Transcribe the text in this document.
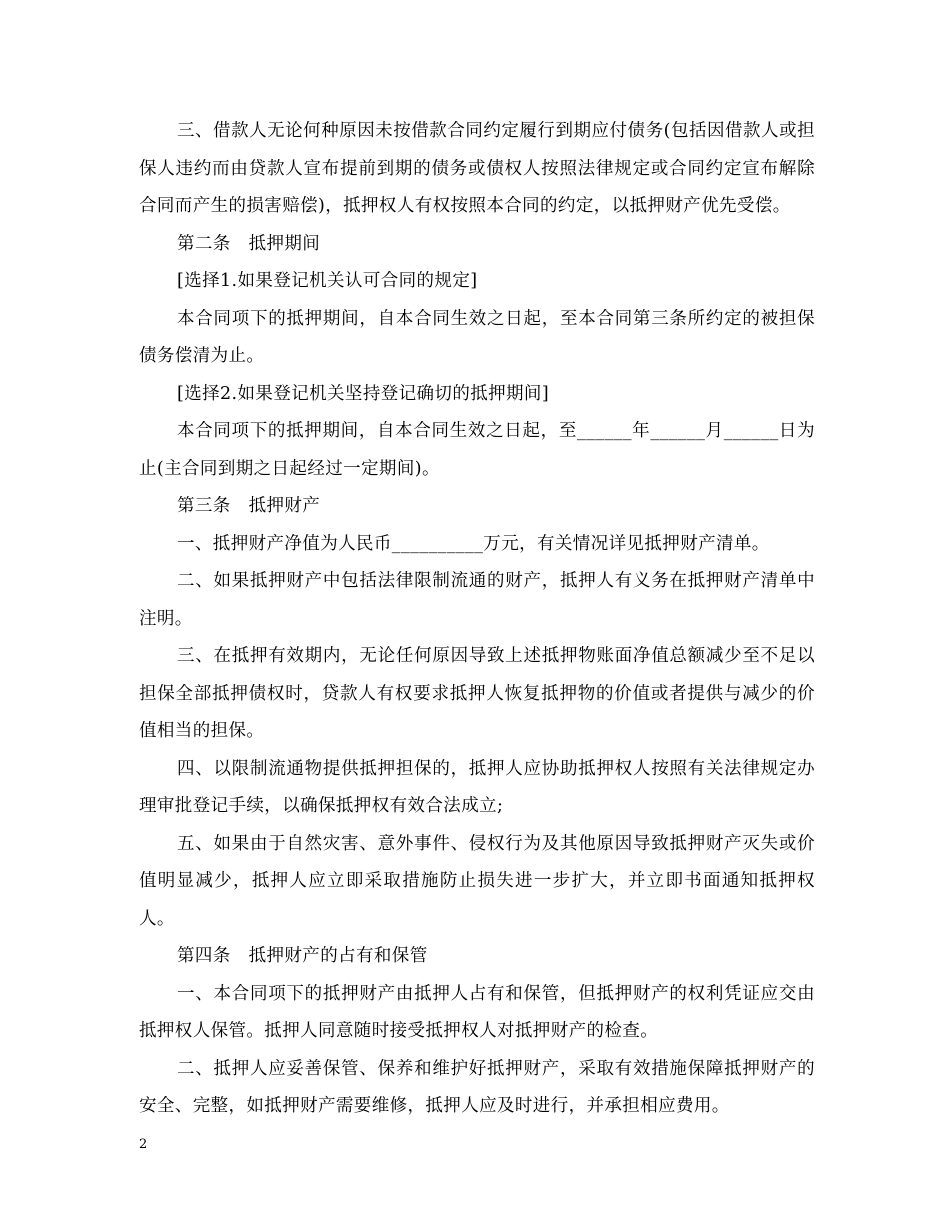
三、借款人无论何种原因未按借款合同约定履行到期应付债务(包括因借款人或担保人违约而由贷款人宣布提前到期的债务或债权人按照法律规定或合同约定宣布解除合同而产生的损害赔偿)，抵押权人有权按照本合同的约定，以抵押财产优先受偿。

第二条　抵押期间

[选择1.如果登记机关认可合同的规定]

本合同项下的抵押期间，自本合同生效之日起，至本合同第三条所约定的被担保债务偿清为止。

[选择2.如果登记机关坚持登记确切的抵押期间]

本合同项下的抵押期间，自本合同生效之日起，至______年______月______日为止(主合同到期之日起经过一定期间)。

第三条　抵押财产

一、抵押财产净值为人民币__________万元，有关情况详见抵押财产清单。

二、如果抵押财产中包括法律限制流通的财产，抵押人有义务在抵押财产清单中注明。

三、在抵押有效期内，无论任何原因导致上述抵押物账面净值总额减少至不足以担保全部抵押债权时，贷款人有权要求抵押人恢复抵押物的价值或者提供与减少的价值相当的担保。

四、以限制流通物提供抵押担保的，抵押人应协助抵押权人按照有关法律规定办理审批登记手续，以确保抵押权有效合法成立;

五、如果由于自然灾害、意外事件、侵权行为及其他原因导致抵押财产灭失或价值明显减少，抵押人应立即采取措施防止损失进一步扩大，并立即书面通知抵押权人。

第四条　抵押财产的占有和保管

一、本合同项下的抵押财产由抵押人占有和保管，但抵押财产的权利凭证应交由抵押权人保管。抵押人同意随时接受抵押权人对抵押财产的检查。

二、抵押人应妥善保管、保养和维护好抵押财产，采取有效措施保障抵押财产的安全、完整，如抵押财产需要维修，抵押人应及时进行，并承担相应费用。

2
